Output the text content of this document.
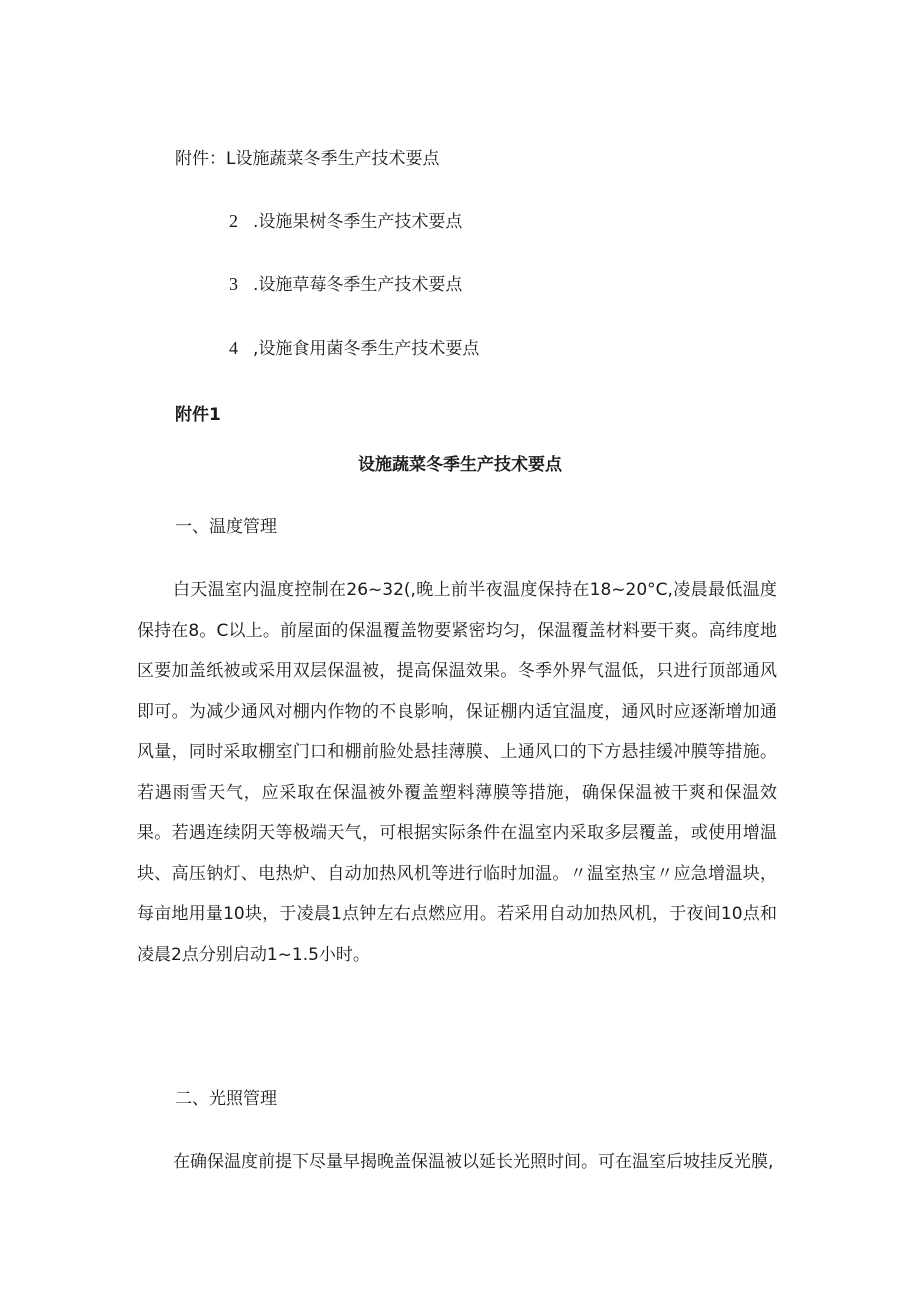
附件：L设施蔬菜冬季生产技术要点
2 .设施果树冬季生产技术要点
3 .设施草莓冬季生产技术要点
4 ,设施食用菌冬季生产技术要点
附件1
设施蔬菜冬季生产技术要点
一、温度管理
白天温室内温度控制在26~32(,晚上前半夜温度保持在18~20°C,凌晨最低温度保持在8。C以上。前屋面的保温覆盖物要紧密均匀，保温覆盖材料要干爽。高纬度地区要加盖纸被或采用双层保温被，提高保温效果。冬季外界气温低，只进行顶部通风即可。为减少通风对棚内作物的不良影响，保证棚内适宜温度，通风时应逐渐增加通风量，同时采取棚室门口和棚前脸处悬挂薄膜、上通风口的下方悬挂缓冲膜等措施。若遇雨雪天气，应采取在保温被外覆盖塑料薄膜等措施，确保保温被干爽和保温效果。若遇连续阴天等极端天气，可根据实际条件在温室内采取多层覆盖，或使用增温块、高压钠灯、电热炉、自动加热风机等进行临时加温。〃温室热宝〃应急增温块，每亩地用量10块，于凌晨1点钟左右点燃应用。若采用自动加热风机，于夜间10点和凌晨2点分别启动1~1.5小时。
二、光照管理
在确保温度前提下尽量早揭晚盖保温被以延长光照时间。可在温室后坡挂反光膜,
